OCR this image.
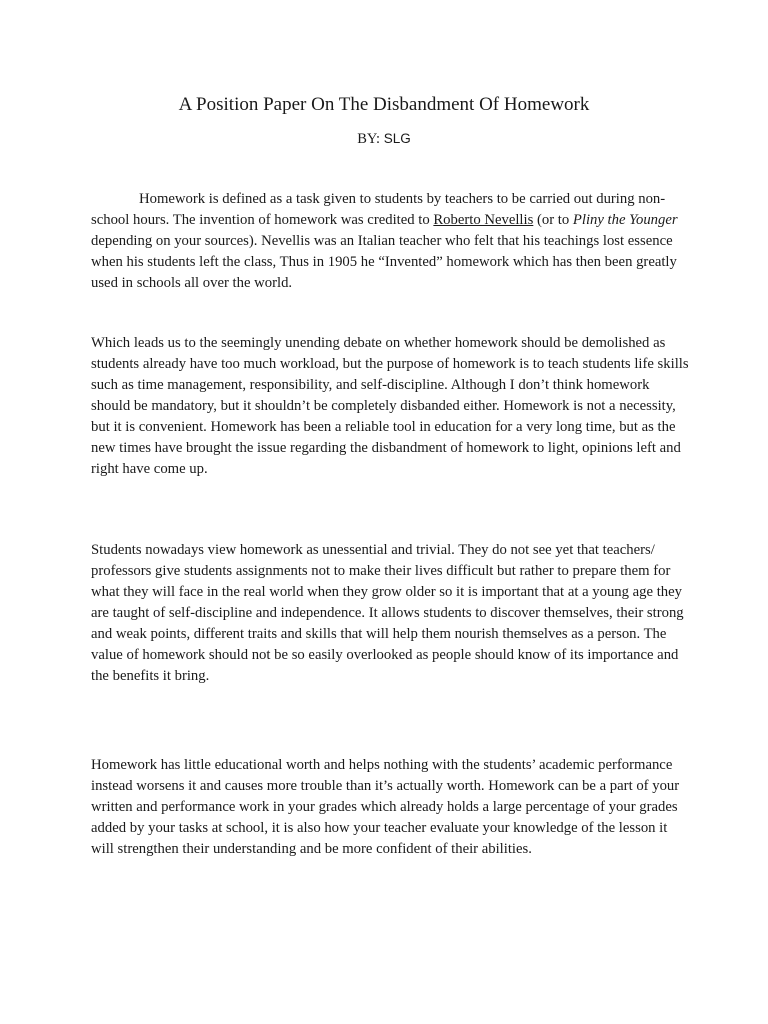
A Position Paper On The Disbandment Of Homework
BY: SLG

Homework is defined as a task given to students by teachers to be carried out during non-school hours. The invention of homework was credited to Roberto Nevellis (or to Pliny the Younger depending on your sources). Nevellis was an Italian teacher who felt that his teachings lost essence when his students left the class, Thus in 1905 he “Invented” homework which has then been greatly used in schools all over the world.

Which leads us to the seemingly unending debate on whether homework should be demolished as students already have too much workload, but the purpose of homework is to teach students life skills such as time management, responsibility, and self-discipline. Although I don’t think homework should be mandatory, but it shouldn’t be completely disbanded either. Homework is not a necessity, but it is convenient. Homework has been a reliable tool in education for a very long time, but as the new times have brought the issue regarding the disbandment of homework to light, opinions left and right have come up.

Students nowadays view homework as unessential and trivial. They do not see yet that teachers/ professors give students assignments not to make their lives difficult but rather to prepare them for what they will face in the real world when they grow older so it is important that at a young age they are taught of self-discipline and independence. It allows students to discover themselves, their strong and weak points, different traits and skills that will help them nourish themselves as a person. The value of homework should not be so easily overlooked as people should know of its importance and the benefits it bring.

Homework has little educational worth and helps nothing with the students’ academic performance instead worsens it and causes more trouble than it’s actually worth. Homework can be a part of your written and performance work in your grades which already holds a large percentage of your grades added by your tasks at school, it is also how your teacher evaluate your knowledge of the lesson it will strengthen their understanding and be more confident of their abilities.
